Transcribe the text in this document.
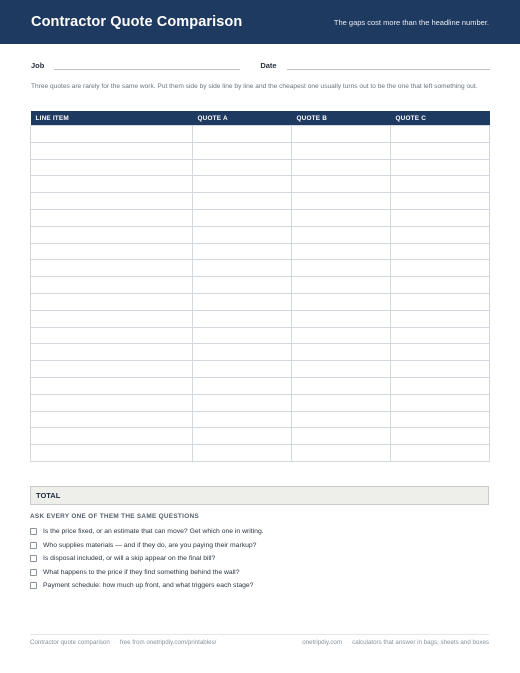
Contractor Quote Comparison	The gaps cost more than the headline number.
Job	Date

Three quotes are rarely for the same work. Put them side by side line by line and the cheapest one usually turns out to be the one that left something out.

LINE ITEM	QUOTE A	QUOTE B	QUOTE C

TOTAL
ASK EVERY ONE OF THEM THE SAME QUESTIONS
Is the price fixed, or an estimate that can move? Get which one in writing.
Who supplies materials — and if they do, are you paying their markup?
Is disposal included, or will a skip appear on the final bill?
What happens to the price if they find something behind the wall?
Payment schedule: how much up front, and what triggers each stage?
Contractor quote comparison · free from onetripdiy.com/printables/	onetripdiy.com · calculators that answer in bags, sheets and boxes
